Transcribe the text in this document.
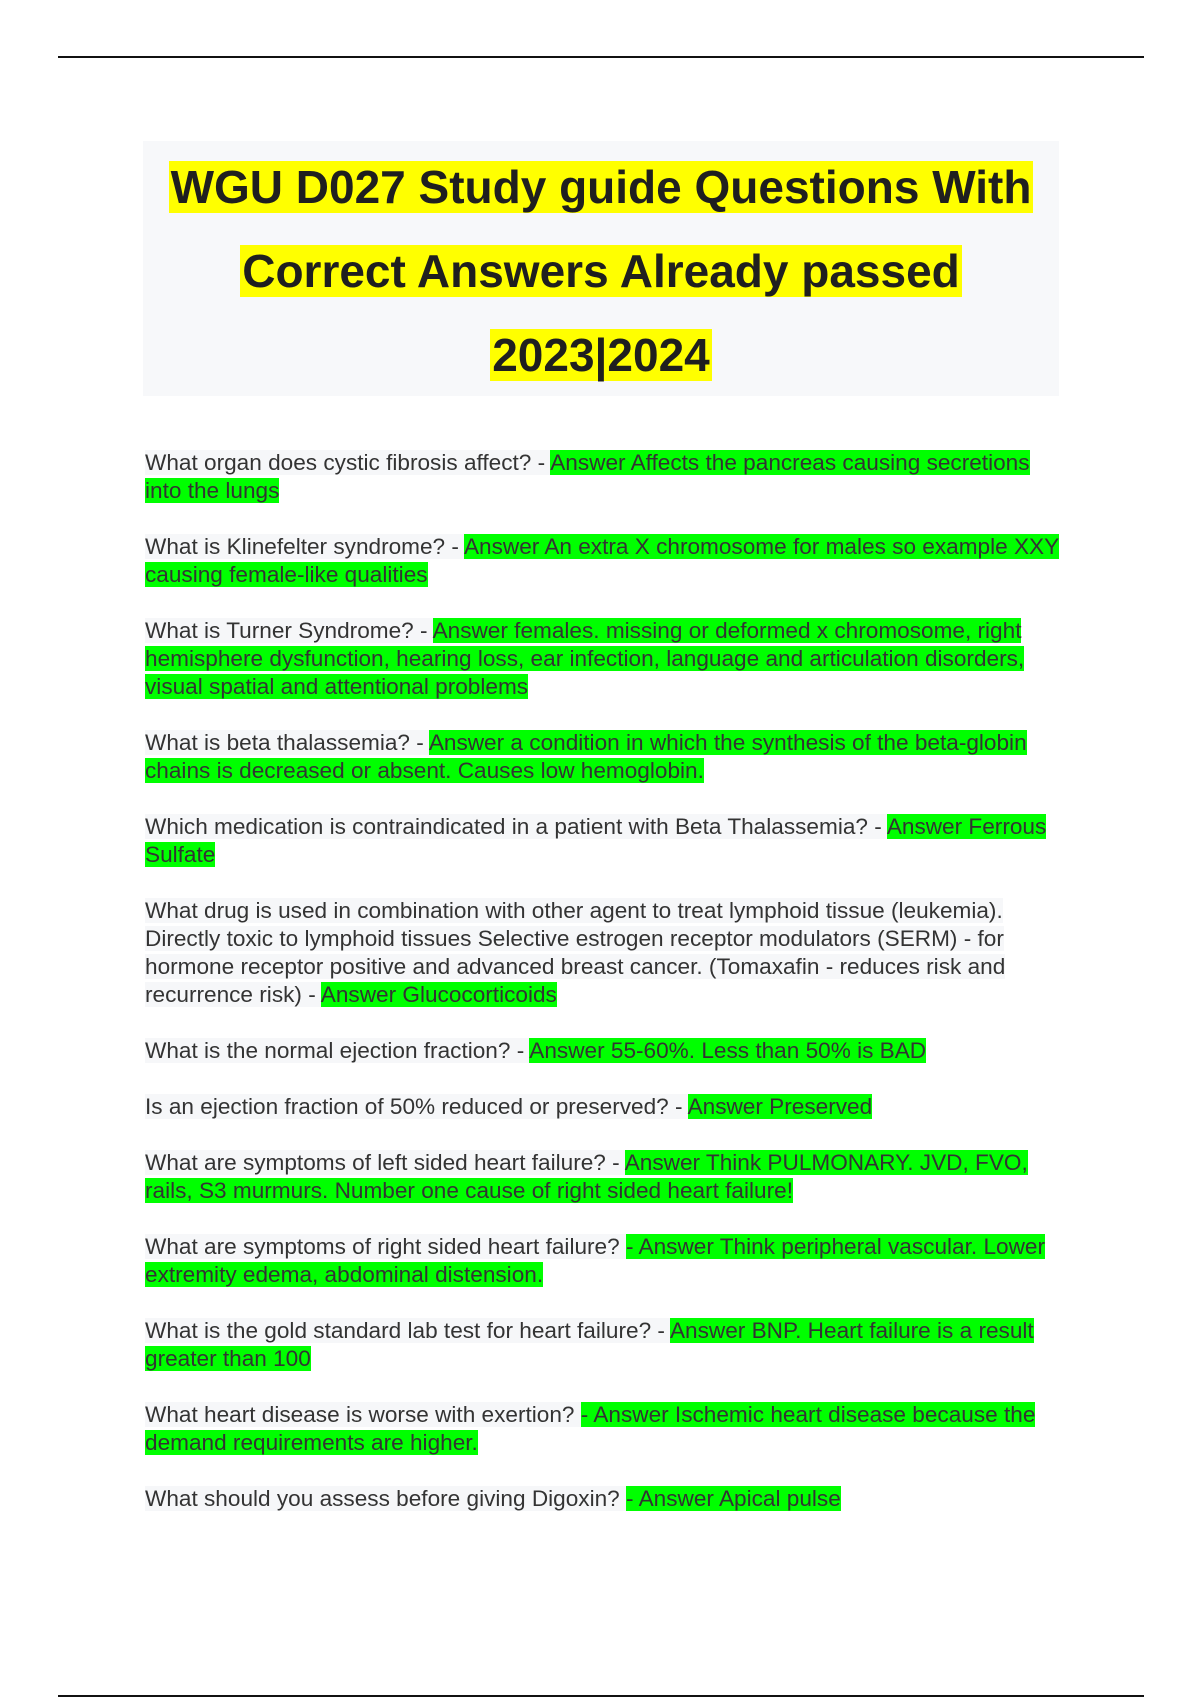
WGU D027 Study guide Questions With
Correct Answers Already passed
2023|2024

What organ does cystic fibrosis affect? - Answer Affects the pancreas causing secretions into the lungs

What is Klinefelter syndrome? - Answer An extra X chromosome for males so example XXY causing female-like qualities

What is Turner Syndrome? - Answer females. missing or deformed x chromosome, right hemisphere dysfunction, hearing loss, ear infection, language and articulation disorders, visual spatial and attentional problems

What is beta thalassemia? - Answer a condition in which the synthesis of the beta-globin chains is decreased or absent. Causes low hemoglobin.

Which medication is contraindicated in a patient with Beta Thalassemia? - Answer Ferrous Sulfate

What drug is used in combination with other agent to treat lymphoid tissue (leukemia). Directly toxic to lymphoid tissues Selective estrogen receptor modulators (SERM) - for hormone receptor positive and advanced breast cancer. (Tomaxafin - reduces risk and recurrence risk) - Answer Glucocorticoids

What is the normal ejection fraction? - Answer 55-60%. Less than 50% is BAD

Is an ejection fraction of 50% reduced or preserved? - Answer Preserved

What are symptoms of left sided heart failure? - Answer Think PULMONARY. JVD, FVO, rails, S3 murmurs. Number one cause of right sided heart failure!

What are symptoms of right sided heart failure? - Answer Think peripheral vascular. Lower extremity edema, abdominal distension.

What is the gold standard lab test for heart failure? - Answer BNP. Heart failure is a result greater than 100

What heart disease is worse with exertion? - Answer Ischemic heart disease because the demand requirements are higher.

What should you assess before giving Digoxin? - Answer Apical pulse
